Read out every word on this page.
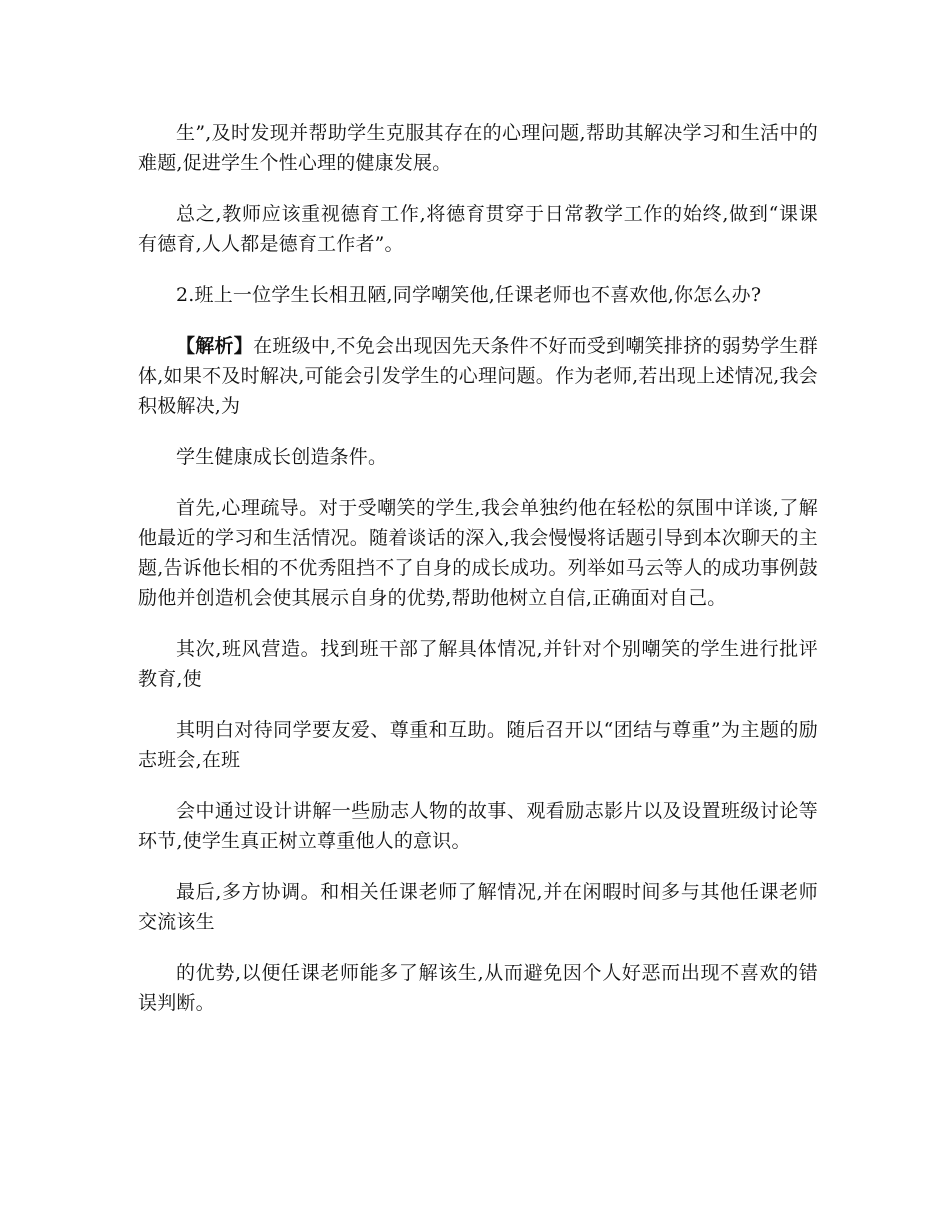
生”,及时发现并帮助学生克服其存在的心理问题,帮助其解决学习和生活中的难题,促进学生个性心理的健康发展。

总之,教师应该重视德育工作,将德育贯穿于日常教学工作的始终,做到“课课有德育,人人都是德育工作者”。

2.班上一位学生长相丑陋,同学嘲笑他,任课老师也不喜欢他,你怎么办?

【解析】在班级中,不免会出现因先天条件不好而受到嘲笑排挤的弱势学生群体,如果不及时解决,可能会引发学生的心理问题。作为老师,若出现上述情况,我会积极解决,为

学生健康成长创造条件。

首先,心理疏导。对于受嘲笑的学生,我会单独约他在轻松的氛围中详谈,了解他最近的学习和生活情况。随着谈话的深入,我会慢慢将话题引导到本次聊天的主题,告诉他长相的不优秀阻挡不了自身的成长成功。列举如马云等人的成功事例鼓励他并创造机会使其展示自身的优势,帮助他树立自信,正确面对自己。

其次,班风营造。找到班干部了解具体情况,并针对个别嘲笑的学生进行批评教育,使

其明白对待同学要友爱、尊重和互助。随后召开以“团结与尊重”为主题的励志班会,在班

会中通过设计讲解一些励志人物的故事、观看励志影片以及设置班级讨论等环节,使学生真正树立尊重他人的意识。

最后,多方协调。和相关任课老师了解情况,并在闲暇时间多与其他任课老师交流该生

的优势,以便任课老师能多了解该生,从而避免因个人好恶而出现不喜欢的错误判断。
